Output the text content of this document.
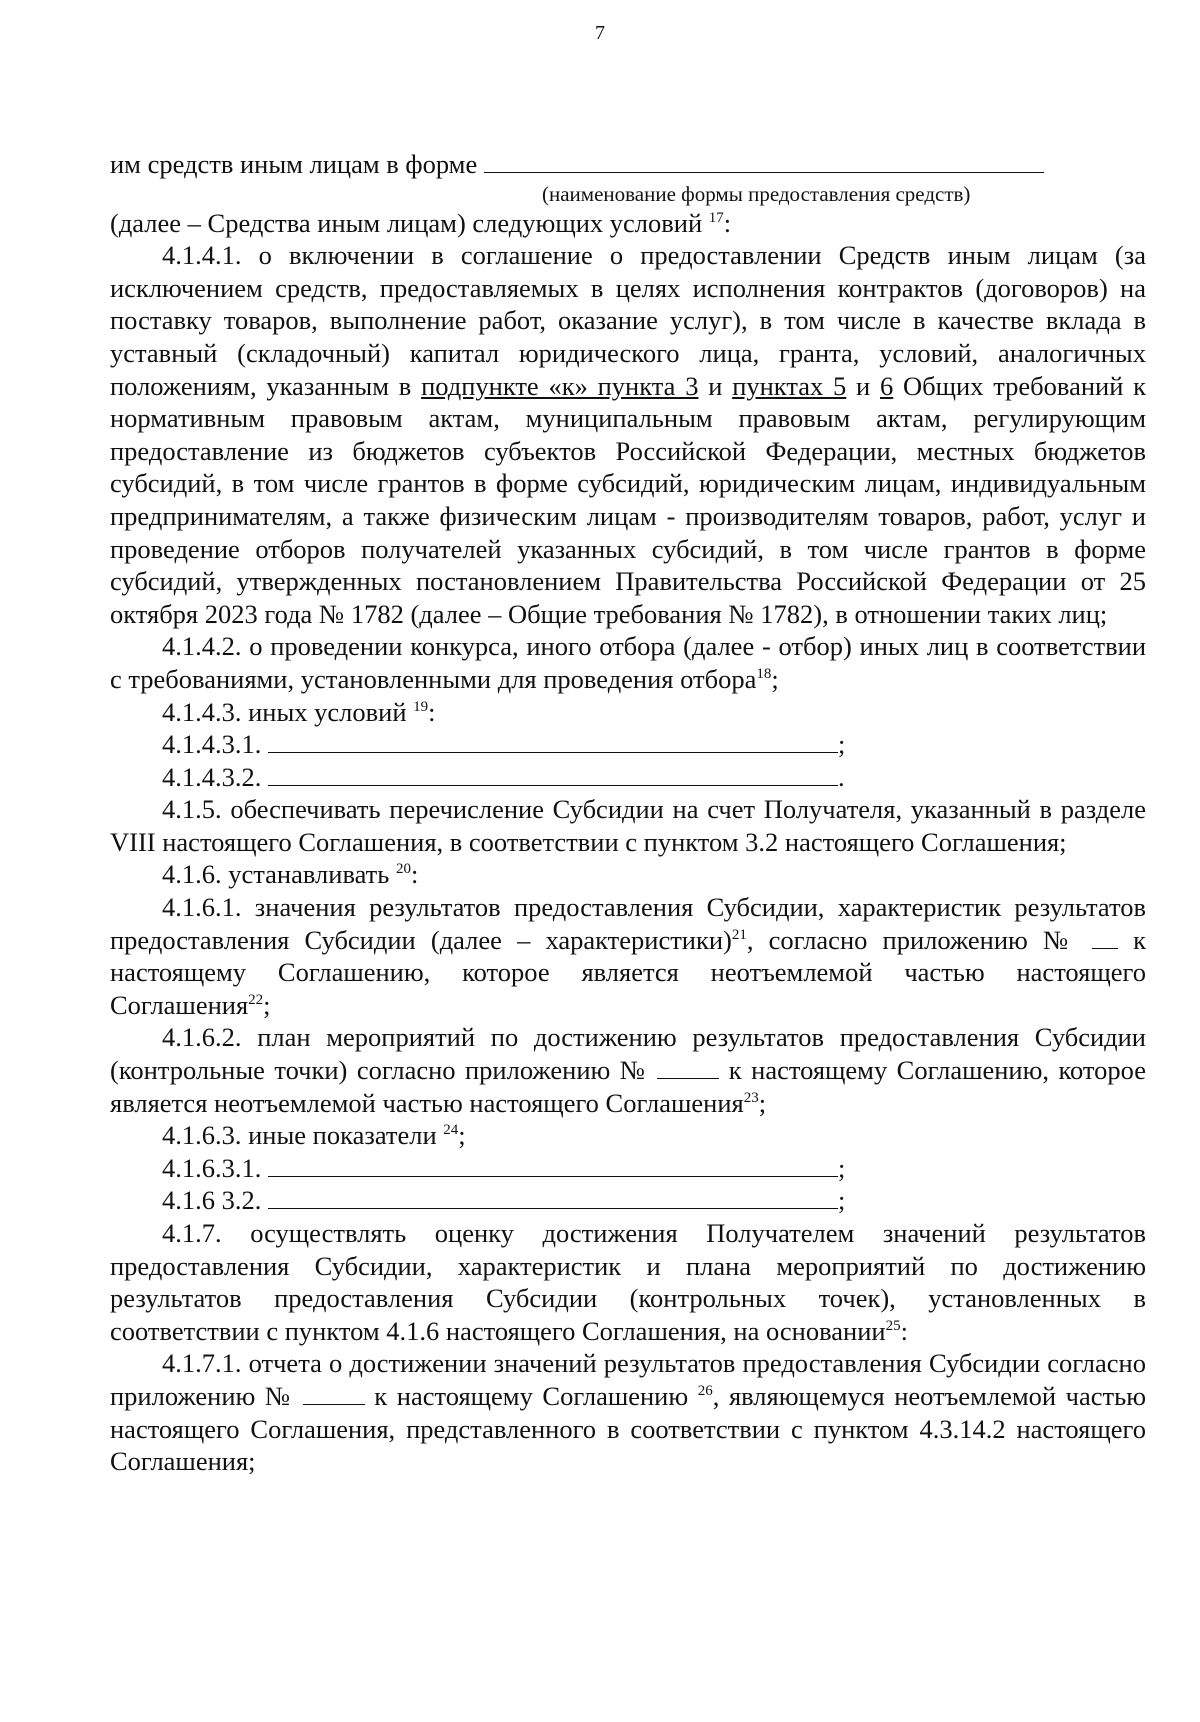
7

им средств иным лицам в форме

(наименование формы предоставления средств)

(далее – Средства иным лицам) следующих условий $^{17}$:

4.1.4.1. о включении в соглашение о предоставлении Средств иным лицам (за исключением средств, предоставляемых в целях исполнения контрактов (договоров) на поставку товаров, выполнение работ, оказание услуг), в том числе в качестве вклада в уставный (складочный) капитал юридического лица, гранта, условий, аналогичных положениям, указанным в подпункте «к» пункта 3 и пунктах 5 и 6 Общих требований к нормативным правовым актам, муниципальным правовым актам, регулирующим предоставление из бюджетов субъектов Российской Федерации, местных бюджетов субсидий, в том числе грантов в форме субсидий, юридическим лицам, индивидуальным предпринимателям, а также физическим лицам - производителям товаров, работ, услуг и проведение отборов получателей указанных субсидий, в том числе грантов в форме субсидий, утвержденных постановлением Правительства Российской Федерации от 25 октября 2023 года № 1782 (далее – Общие требования № 1782), в отношении таких лиц;

4.1.4.2. о проведении конкурса, иного отбора (далее - отбор) иных лиц в соответствии с требованиями, установленными для проведения отбора$^{18}$;

4.1.4.3. иных условий $^{19}$:

4.1.4.3.1.	;

4.1.4.3.2.	.

4.1.5. обеспечивать перечисление Субсидии на счет Получателя, указанный в разделе VIII настоящего Соглашения, в соответствии с пунктом 3.2 настоящего Соглашения;

4.1.6. устанавливать $^{20}$:

4.1.6.1. значения результатов предоставления Субсидии, характеристик результатов предоставления Субсидии (далее – характеристики)$^{21}$, согласно приложению №  к настоящему Соглашению, которое является неотъемлемой частью настоящего Соглашения$^{22}$;

4.1.6.2. план мероприятий по достижению результатов предоставления Субсидии (контрольные точки) согласно приложению №  к настоящему Соглашению, которое является неотъемлемой частью настоящего Соглашения$^{23}$;

4.1.6.3. иные показатели $^{24}$;

4.1.6.3.1.	;

4.1.6 3.2.	;

4.1.7. осуществлять оценку достижения Получателем значений результатов предоставления Субсидии, характеристик и плана мероприятий по достижению результатов предоставления Субсидии (контрольных точек), установленных в соответствии с пунктом 4.1.6 настоящего Соглашения, на основании$^{25}$:

4.1.7.1. отчета о достижении значений результатов предоставления Субсидии согласно приложению №  к настоящему Соглашению $^{26}$, являющемуся неотъемлемой частью настоящего Соглашения, представленного в соответствии с пунктом 4.3.14.2 настоящего Соглашения;
